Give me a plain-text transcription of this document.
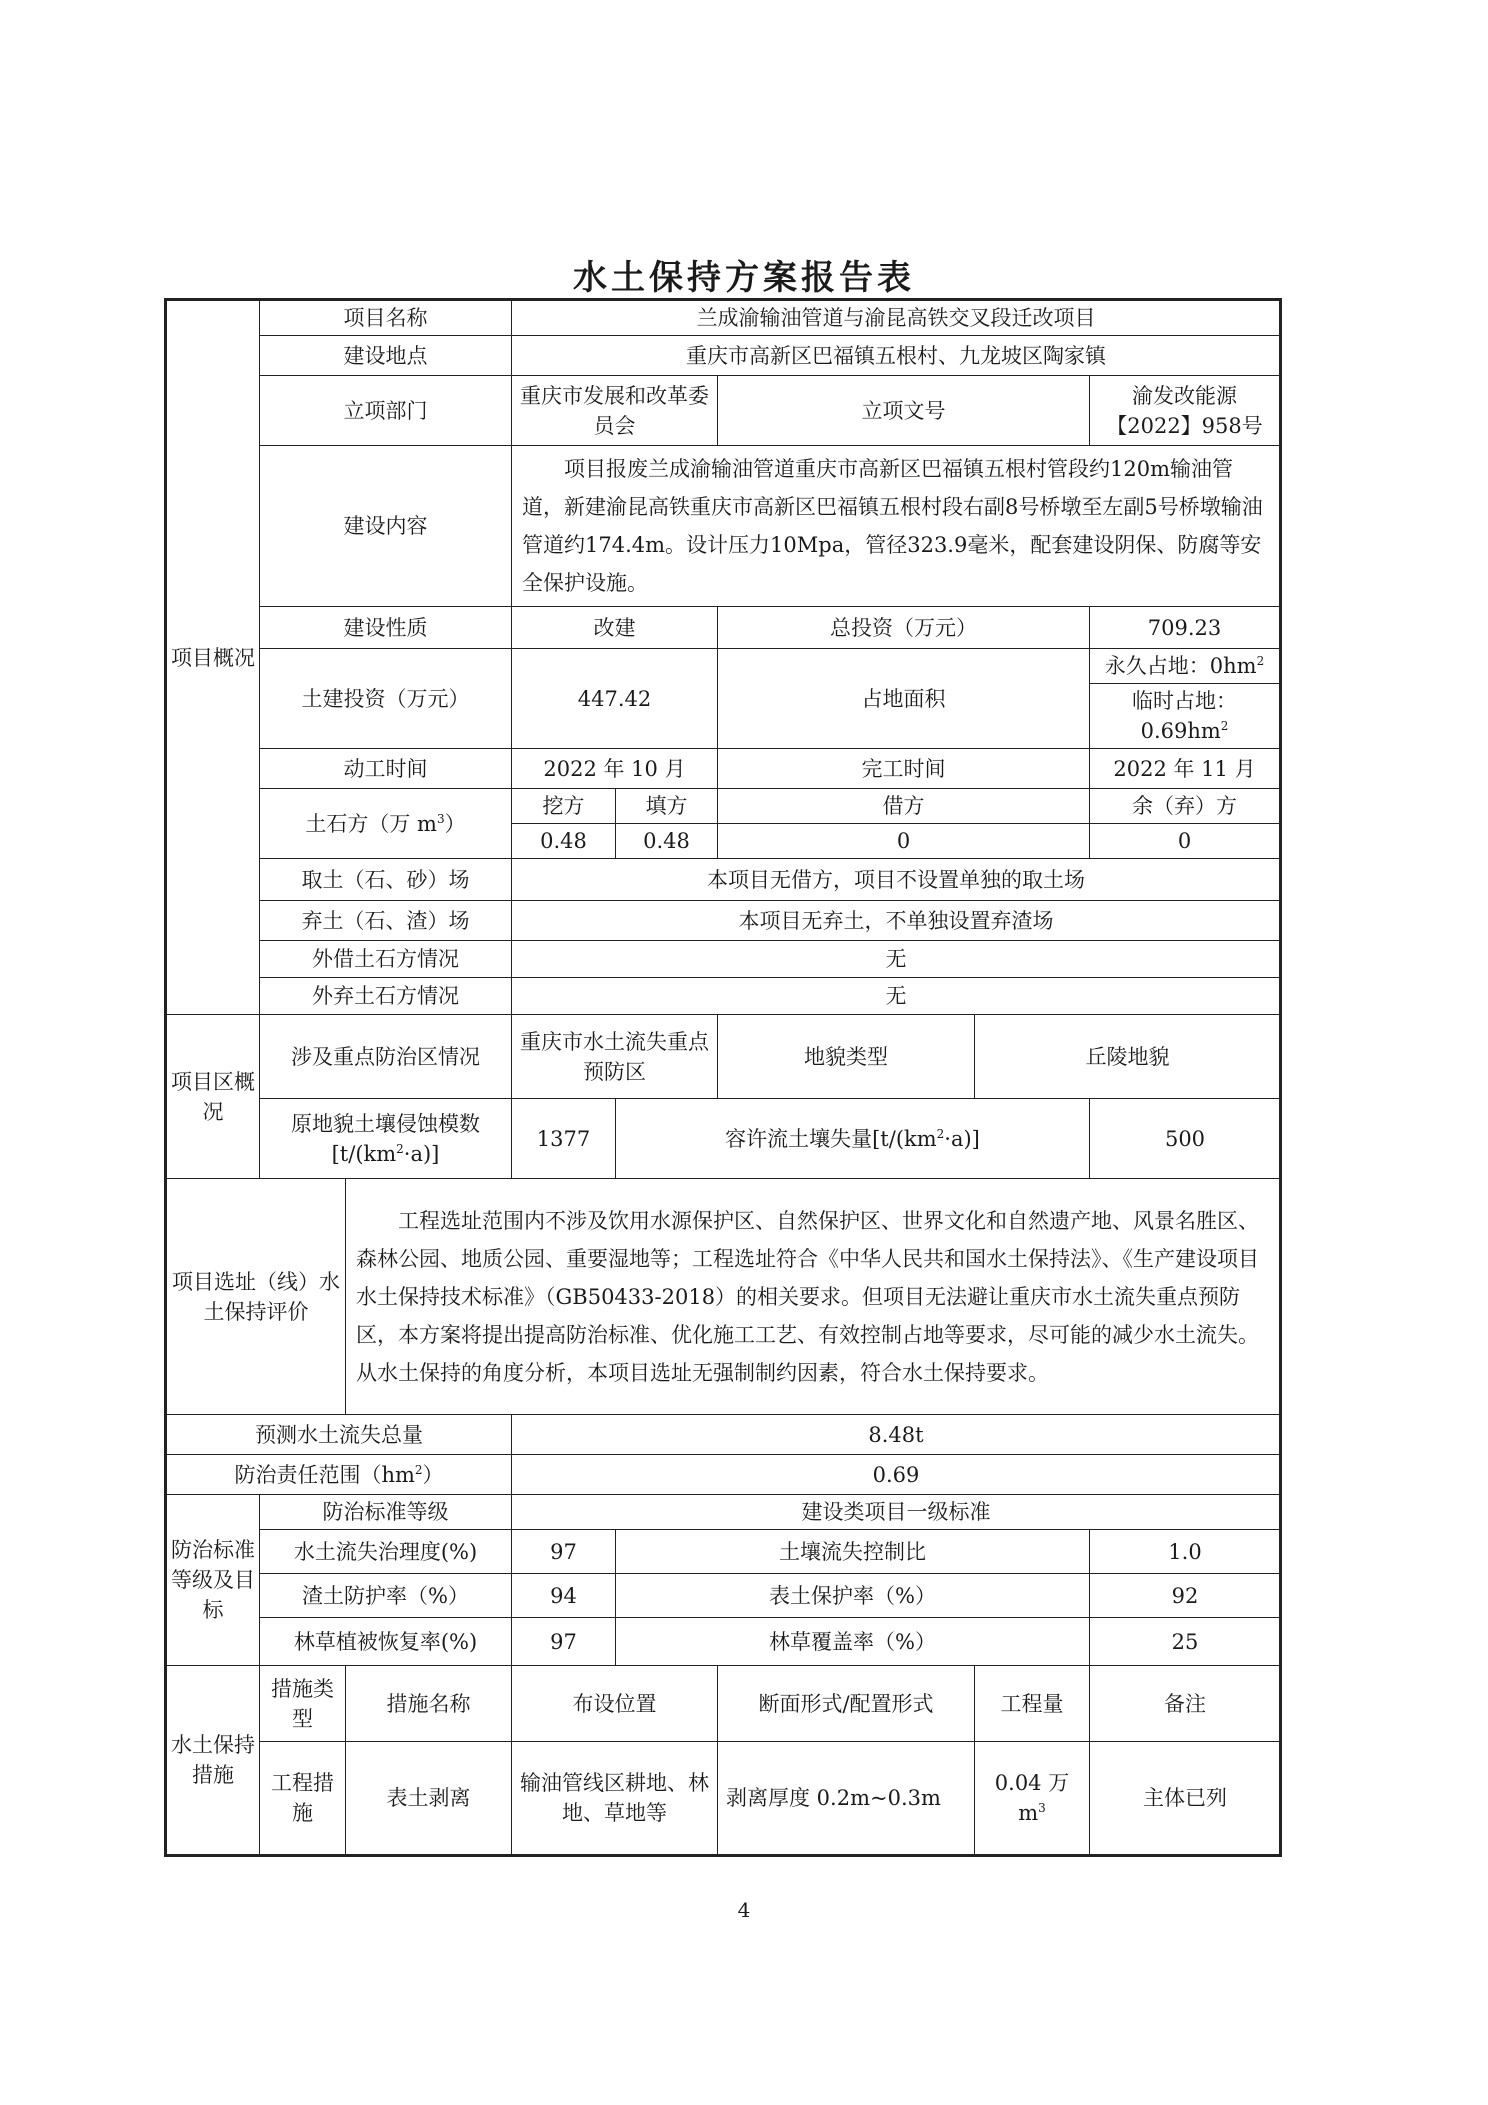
水土保持方案报告表
项目概况	项目名称		兰成渝输油管道与渝昆高铁交叉段迁改项目				
	建设地点		重庆市高新区巴福镇五根村、九龙坡区陶家镇				
	立项部门		重庆市发展和改革委员会		立项文号		渝发改能源【2022】958号
	建设内容		项目报废兰成渝输油管道重庆市高新区巴福镇五根村管段约120m输油管道，新建渝昆高铁重庆市高新区巴福镇五根村段右副8号桥墩至左副5号桥墩输油管道约174.4m。设计压力10Mpa，管径323.9毫米，配套建设阴保、防腐等安全保护设施。				
	建设性质		改建		总投资（万元）		709.23
	土建投资（万元）		447.42		占地面积		永久占地：$0hm^2$
							临时占地：$0.69hm^2$
	动工时间		2022 年 10 月		完工时间		2022 年 11 月
	土石方（万 $m^3$）		挖方	填方	借方		余（弃）方
			0.48	0.48	0		0
	取土（石、砂）场		本项目无借方，项目不设置单独的取土场				
	弃土（石、渣）场		本项目无弃土，不单独设置弃渣场				
	外借土石方情况		无				
	外弃土石方情况		无				

项目区概况	涉及重点防治区情况		重庆市水土流失重点预防区		地貌类型	丘陵地貌	
	原地貌土壤侵蚀模数$[t/(km^2\cdot a)]$		1377	容许流土壤失量$[t/(km^2\cdot a)]$			500
项目选址（线）水土保持评价		工程选址范围内不涉及饮用水源保护区、自然保护区、世界文化和自然遗产地、风景名胜区、森林公园、地质公园、重要湿地等；工程选址符合《中华人民共和国水土保持法》、《生产建设项目水土保持技术标准》（GB50433-2018）的相关要求。但项目无法避让重庆市水土流失重点预防区，本方案将提出提高防治标准、优化施工工艺、有效控制占地等要求，尽可能的减少水土流失。从水土保持的角度分析，本项目选址无强制制约因素，符合水土保持要求。					
预测水土流失总量			8.48t				
防治责任范围$(hm^2)$			0.69				
防治标准等级及目标	防治标准等级		建设类项目一级标准				
	水土流失治理度(%)		97	土壤流失控制比			1.0
	渣土防护率（%）		94	表土保护率（%）			92
	林草植被恢复率(%)		97	林草覆盖率（%）			25
水土保持措施	措施类型	措施名称	布设位置		断面形式/配置形式	工程量	备注
	工程措施	表土剥离	输油管线区耕地、林地、草地等		剥离厚度 0.2m~0.3m	0.04 万 $m^3$	主体已列
4
